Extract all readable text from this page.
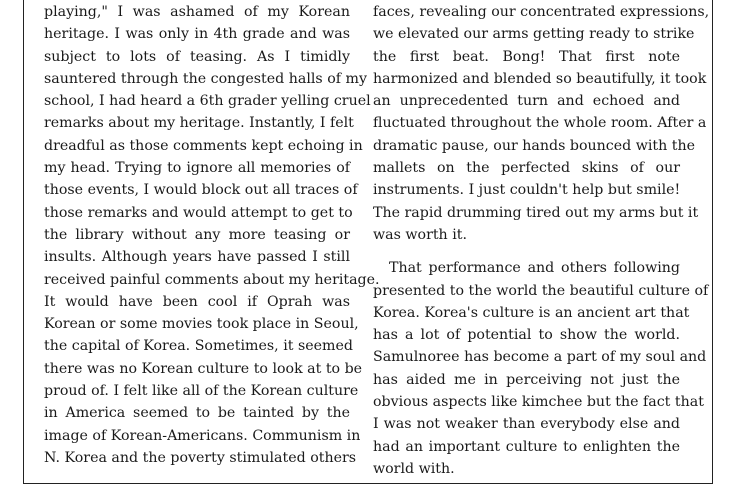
playing," I was ashamed of my Korean
heritage. I was only in 4th grade and was
subject to lots of teasing. As I timidly
sauntered through the congested halls of my
school, I had heard a 6th grader yelling cruel
remarks about my heritage. Instantly, I felt
dreadful as those comments kept echoing in
my head. Trying to ignore all memories of
those events, I would block out all traces of
those remarks and would attempt to get to
the library without any more teasing or
insults. Although years have passed I still
received painful comments about my heritage.
It would have been cool if Oprah was
Korean or some movies took place in Seoul,
the capital of Korea. Sometimes, it seemed
there was no Korean culture to look at to be
proud of. I felt like all of the Korean culture
in America seemed to be tainted by the
image of Korean-Americans. Communism in
N. Korea and the poverty stimulated others
faces, revealing our concentrated expressions,
we elevated our arms getting ready to strike
the first beat. Bong! That first note
harmonized and blended so beautifully, it took
an unprecedented turn and echoed and
fluctuated throughout the whole room. After a
dramatic pause, our hands bounced with the
mallets on the perfected skins of our
instruments. I just couldn't help but smile!
The rapid drumming tired out my arms but it
was worth it.
That performance and others following
presented to the world the beautiful culture of
Korea. Korea's culture is an ancient art that
has a lot of potential to show the world.
Samulnoree has become a part of my soul and
has aided me in perceiving not just the
obvious aspects like kimchee but the fact that
I was not weaker than everybody else and
had an important culture to enlighten the
world with.
